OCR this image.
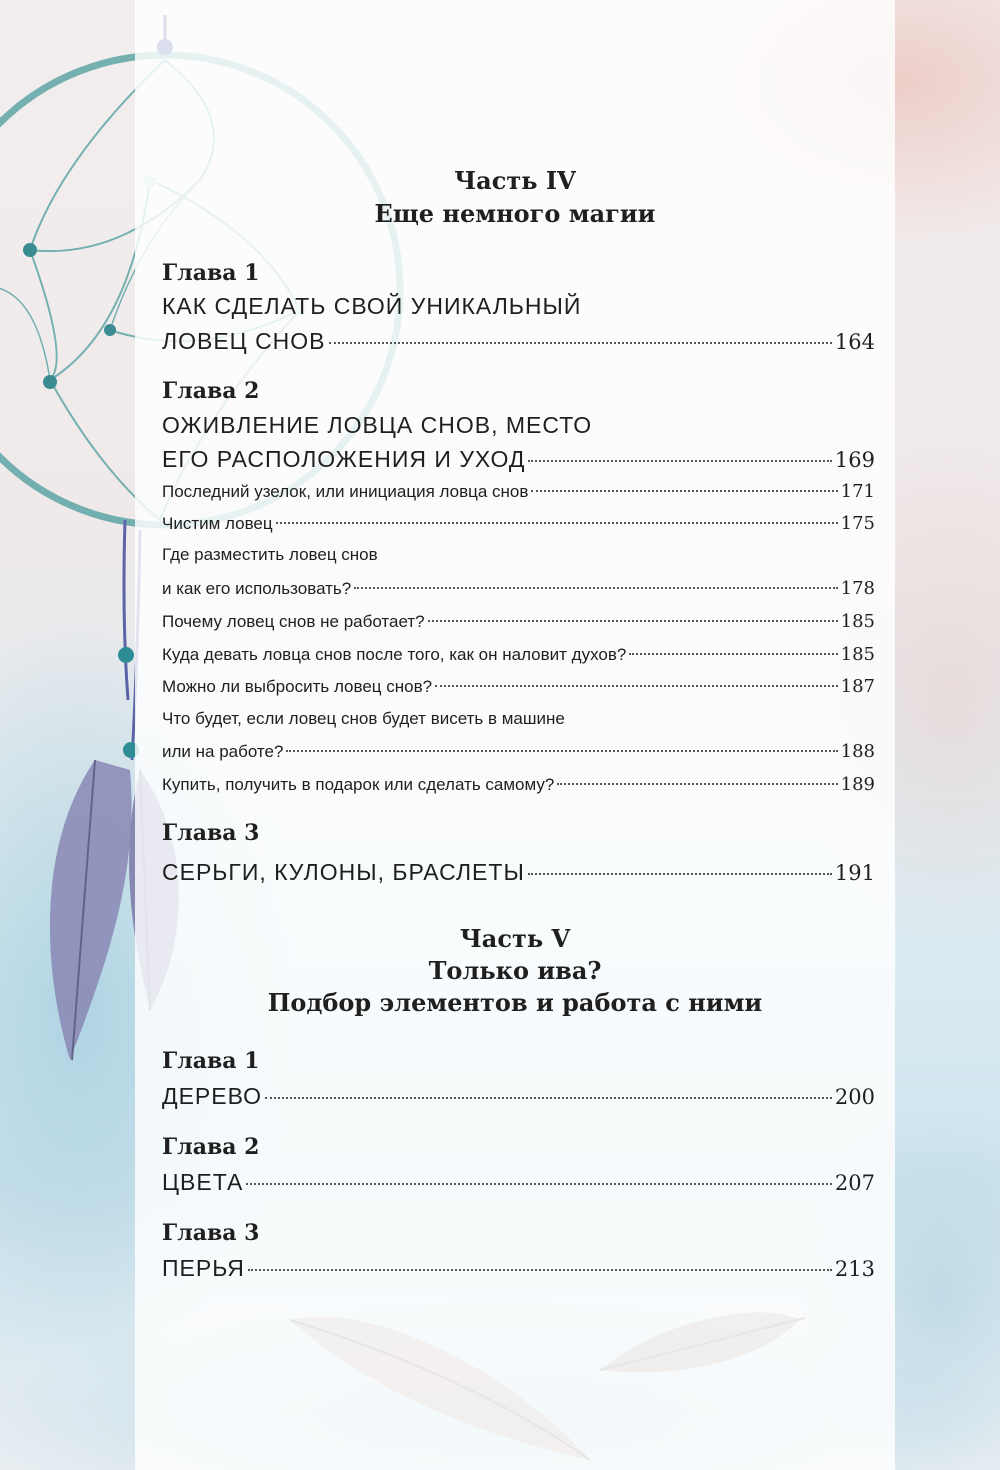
Часть IV
Еще немного магии
Глава 1
КАК СДЕЛАТЬ СВОЙ УНИКАЛЬНЫЙ
ЛОВЕЦ СНОВ	164
Глава 2
ОЖИВЛЕНИЕ ЛОВЦА СНОВ, МЕСТО
ЕГО РАСПОЛОЖЕНИЯ И УХОД	169
Последний узелок, или инициация ловца снов	171
Чистим ловец	175
Где разместить ловец снов
и как его использовать?	178
Почему ловец снов не работает?	185
Куда девать ловца снов после того, как он наловит духов?	185
Можно ли выбросить ловец снов?	187
Что будет, если ловец снов будет висеть в машине
или на работе?	188
Купить, получить в подарок или сделать самому?	189
Глава 3
СЕРЬГИ, КУЛОНЫ, БРАСЛЕТЫ	191
Часть V
Только ива?
Подбор элементов и работа с ними
Глава 1
ДЕРЕВО	200
Глава 2
ЦВЕТА	207
Глава 3
ПЕРЬЯ	213
